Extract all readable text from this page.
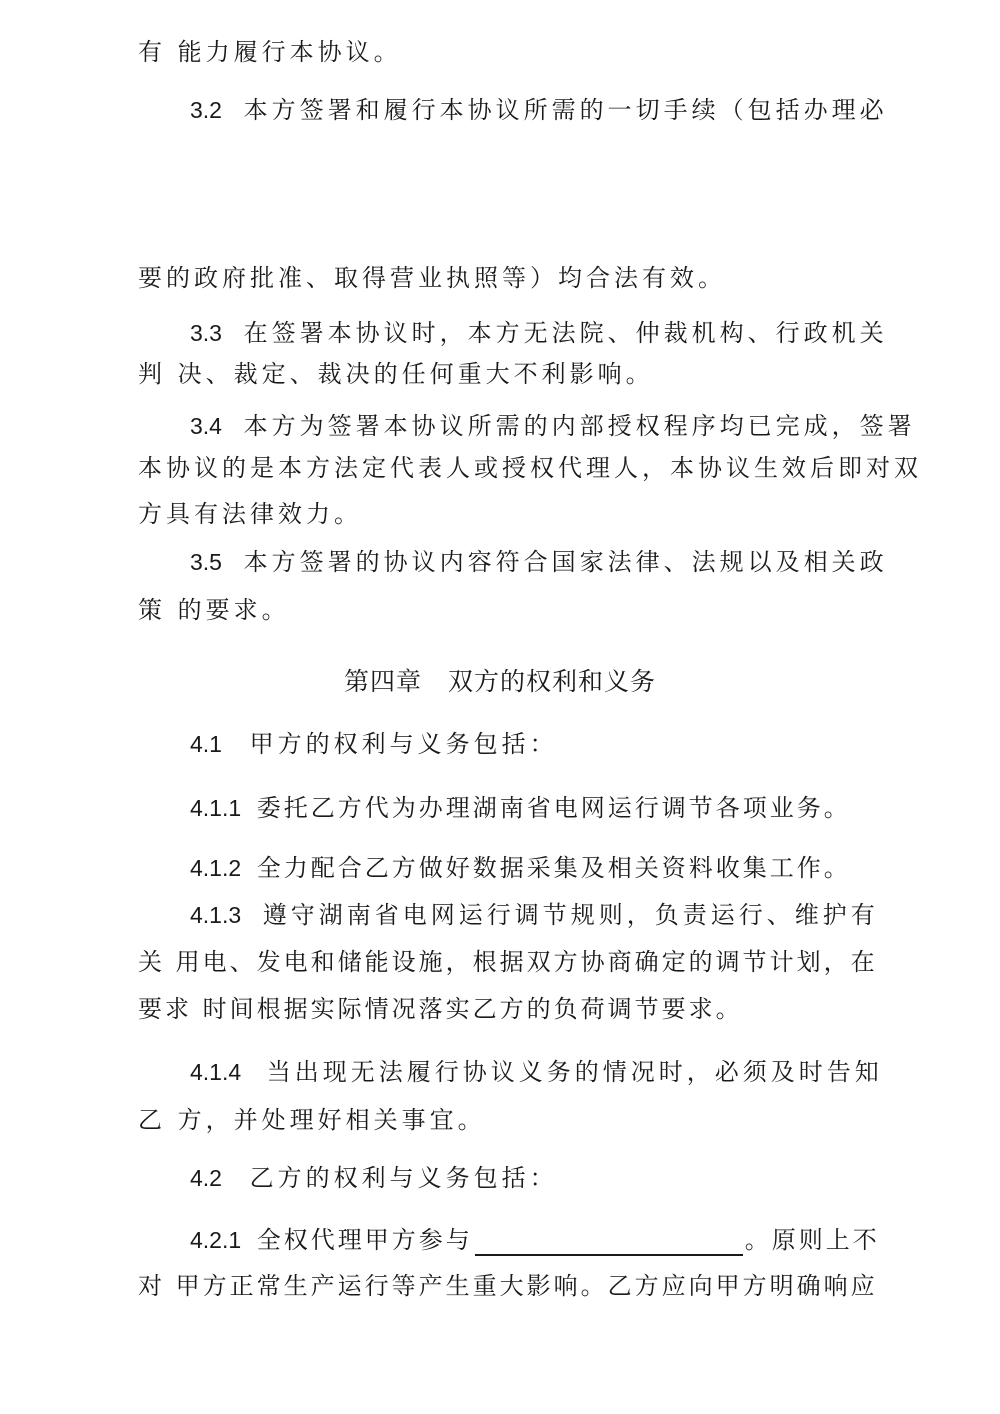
有 能力履行本协议。
3.2 本方签署和履行本协议所需的一切手续（包括办理必
要的政府批准、取得营业执照等）均合法有效。
3.3 在签署本协议时，本方无法院、仲裁机构、行政机关
判 决、裁定、裁决的任何重大不利影响。
3.4 本方为签署本协议所需的内部授权程序均已完成，签署
本协议的是本方法定代表人或授权代理人，本协议生效后即对双
方具有法律效力。
3.5 本方签署的协议内容符合国家法律、法规以及相关政
策 的要求。
第四章　双方的权利和义务
4.1 甲方的权利与义务包括：
4.1.1 委托乙方代为办理湖南省电网运行调节各项业务。
4.1.2 全力配合乙方做好数据采集及相关资料收集工作。
4.1.3 遵守湖南省电网运行调节规则，负责运行、维护有
关 用电、发电和储能设施，根据双方协商确定的调节计划，在
要求 时间根据实际情况落实乙方的负荷调节要求。
4.1.4 当出现无法履行协议义务的情况时，必须及时告知
乙 方，并处理好相关事宜。
4.2 乙方的权利与义务包括：
4.2.1 全权代理甲方参与	。原则上不
对 甲方正常生产运行等产生重大影响。乙方应向甲方明确响应
